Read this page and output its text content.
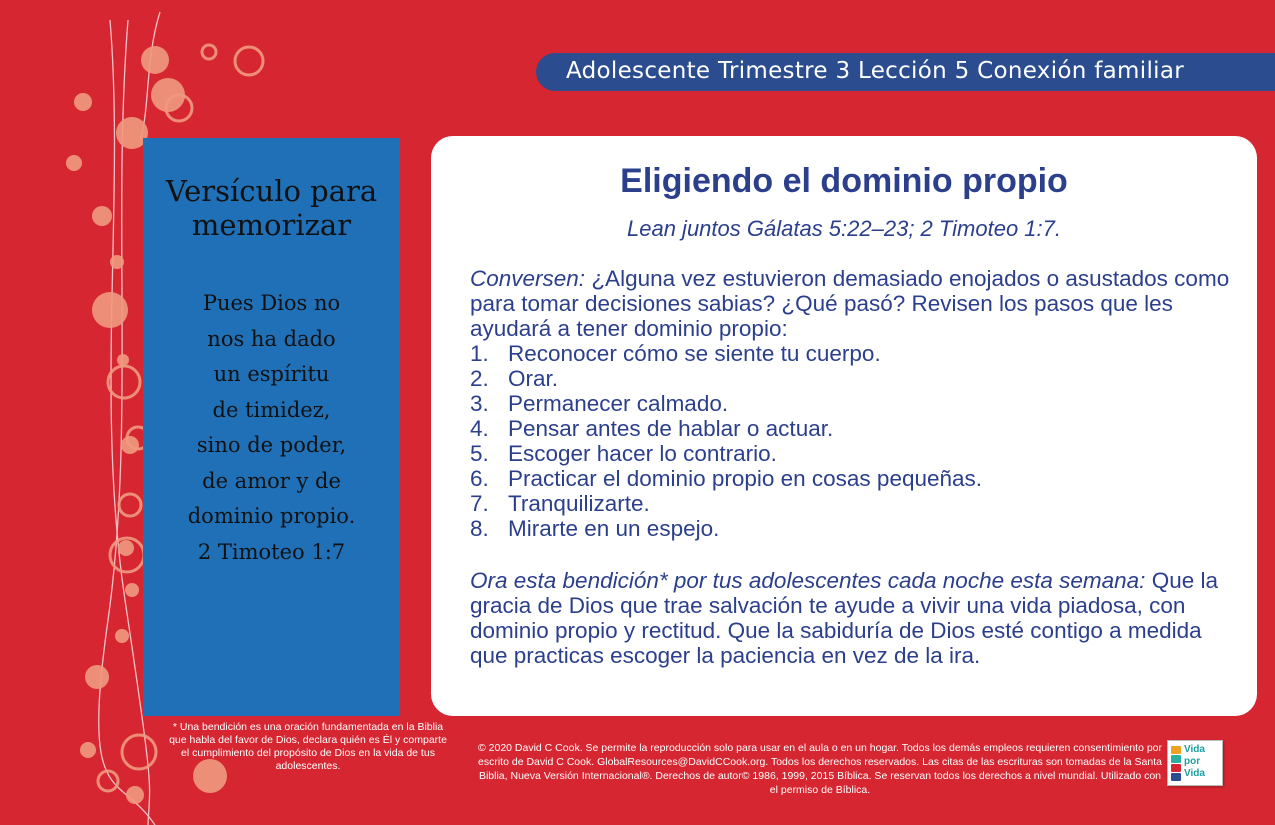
Adolescente Trimestre 3 Lección 5 Conexión familiar
Versículo para
memorizar
Pues Dios no
nos ha dado
un espíritu
de timidez,
sino de poder,
de amor y de
dominio propio.
2 Timoteo 1:7
Eligiendo el dominio propio
Lean juntos Gálatas 5:22–23; 2 Timoteo 1:7.

Conversen: ¿Alguna vez estuvieron demasiado enojados o asustados como para tomar decisiones sabias? ¿Qué pasó? Revisen los pasos que les ayudará a tener dominio propio:

1. Reconocer cómo se siente tu cuerpo.
2. Orar.
3. Permanecer calmado.
4. Pensar antes de hablar o actuar.
5. Escoger hacer lo contrario.
6. Practicar el dominio propio en cosas pequeñas.
7. Tranquilizarte.
8. Mirarte en un espejo.

Ora esta bendición* por tus adolescentes cada noche esta semana: Que la gracia de Dios que trae salvación te ayude a vivir una vida piadosa, con dominio propio y rectitud. Que la sabiduría de Dios esté contigo a medida que practicas escoger la paciencia en vez de la ira.

* Una bendición es una oración fundamentada en la Biblia que habla del favor de Dios, declara quién es Él y comparte el cumplimiento del propósito de Dios en la vida de tus adolescentes.
© 2020 David C Cook. Se permite la reproducción solo para usar en el aula o en un hogar. Todos los demás empleos requieren consentimiento por escrito de David C Cook. GlobalResources@DavidCCook.org. Todos los derechos reservados. Las citas de las escrituras son tomadas de la Santa Biblia, Nueva Versión Internacional®. Derechos de autor© 1986, 1999, 2015 Bíblica. Se reservan todos los derechos a nivel mundial. Utilizado con el permiso de Bíblica.
Vida
por
Vida
